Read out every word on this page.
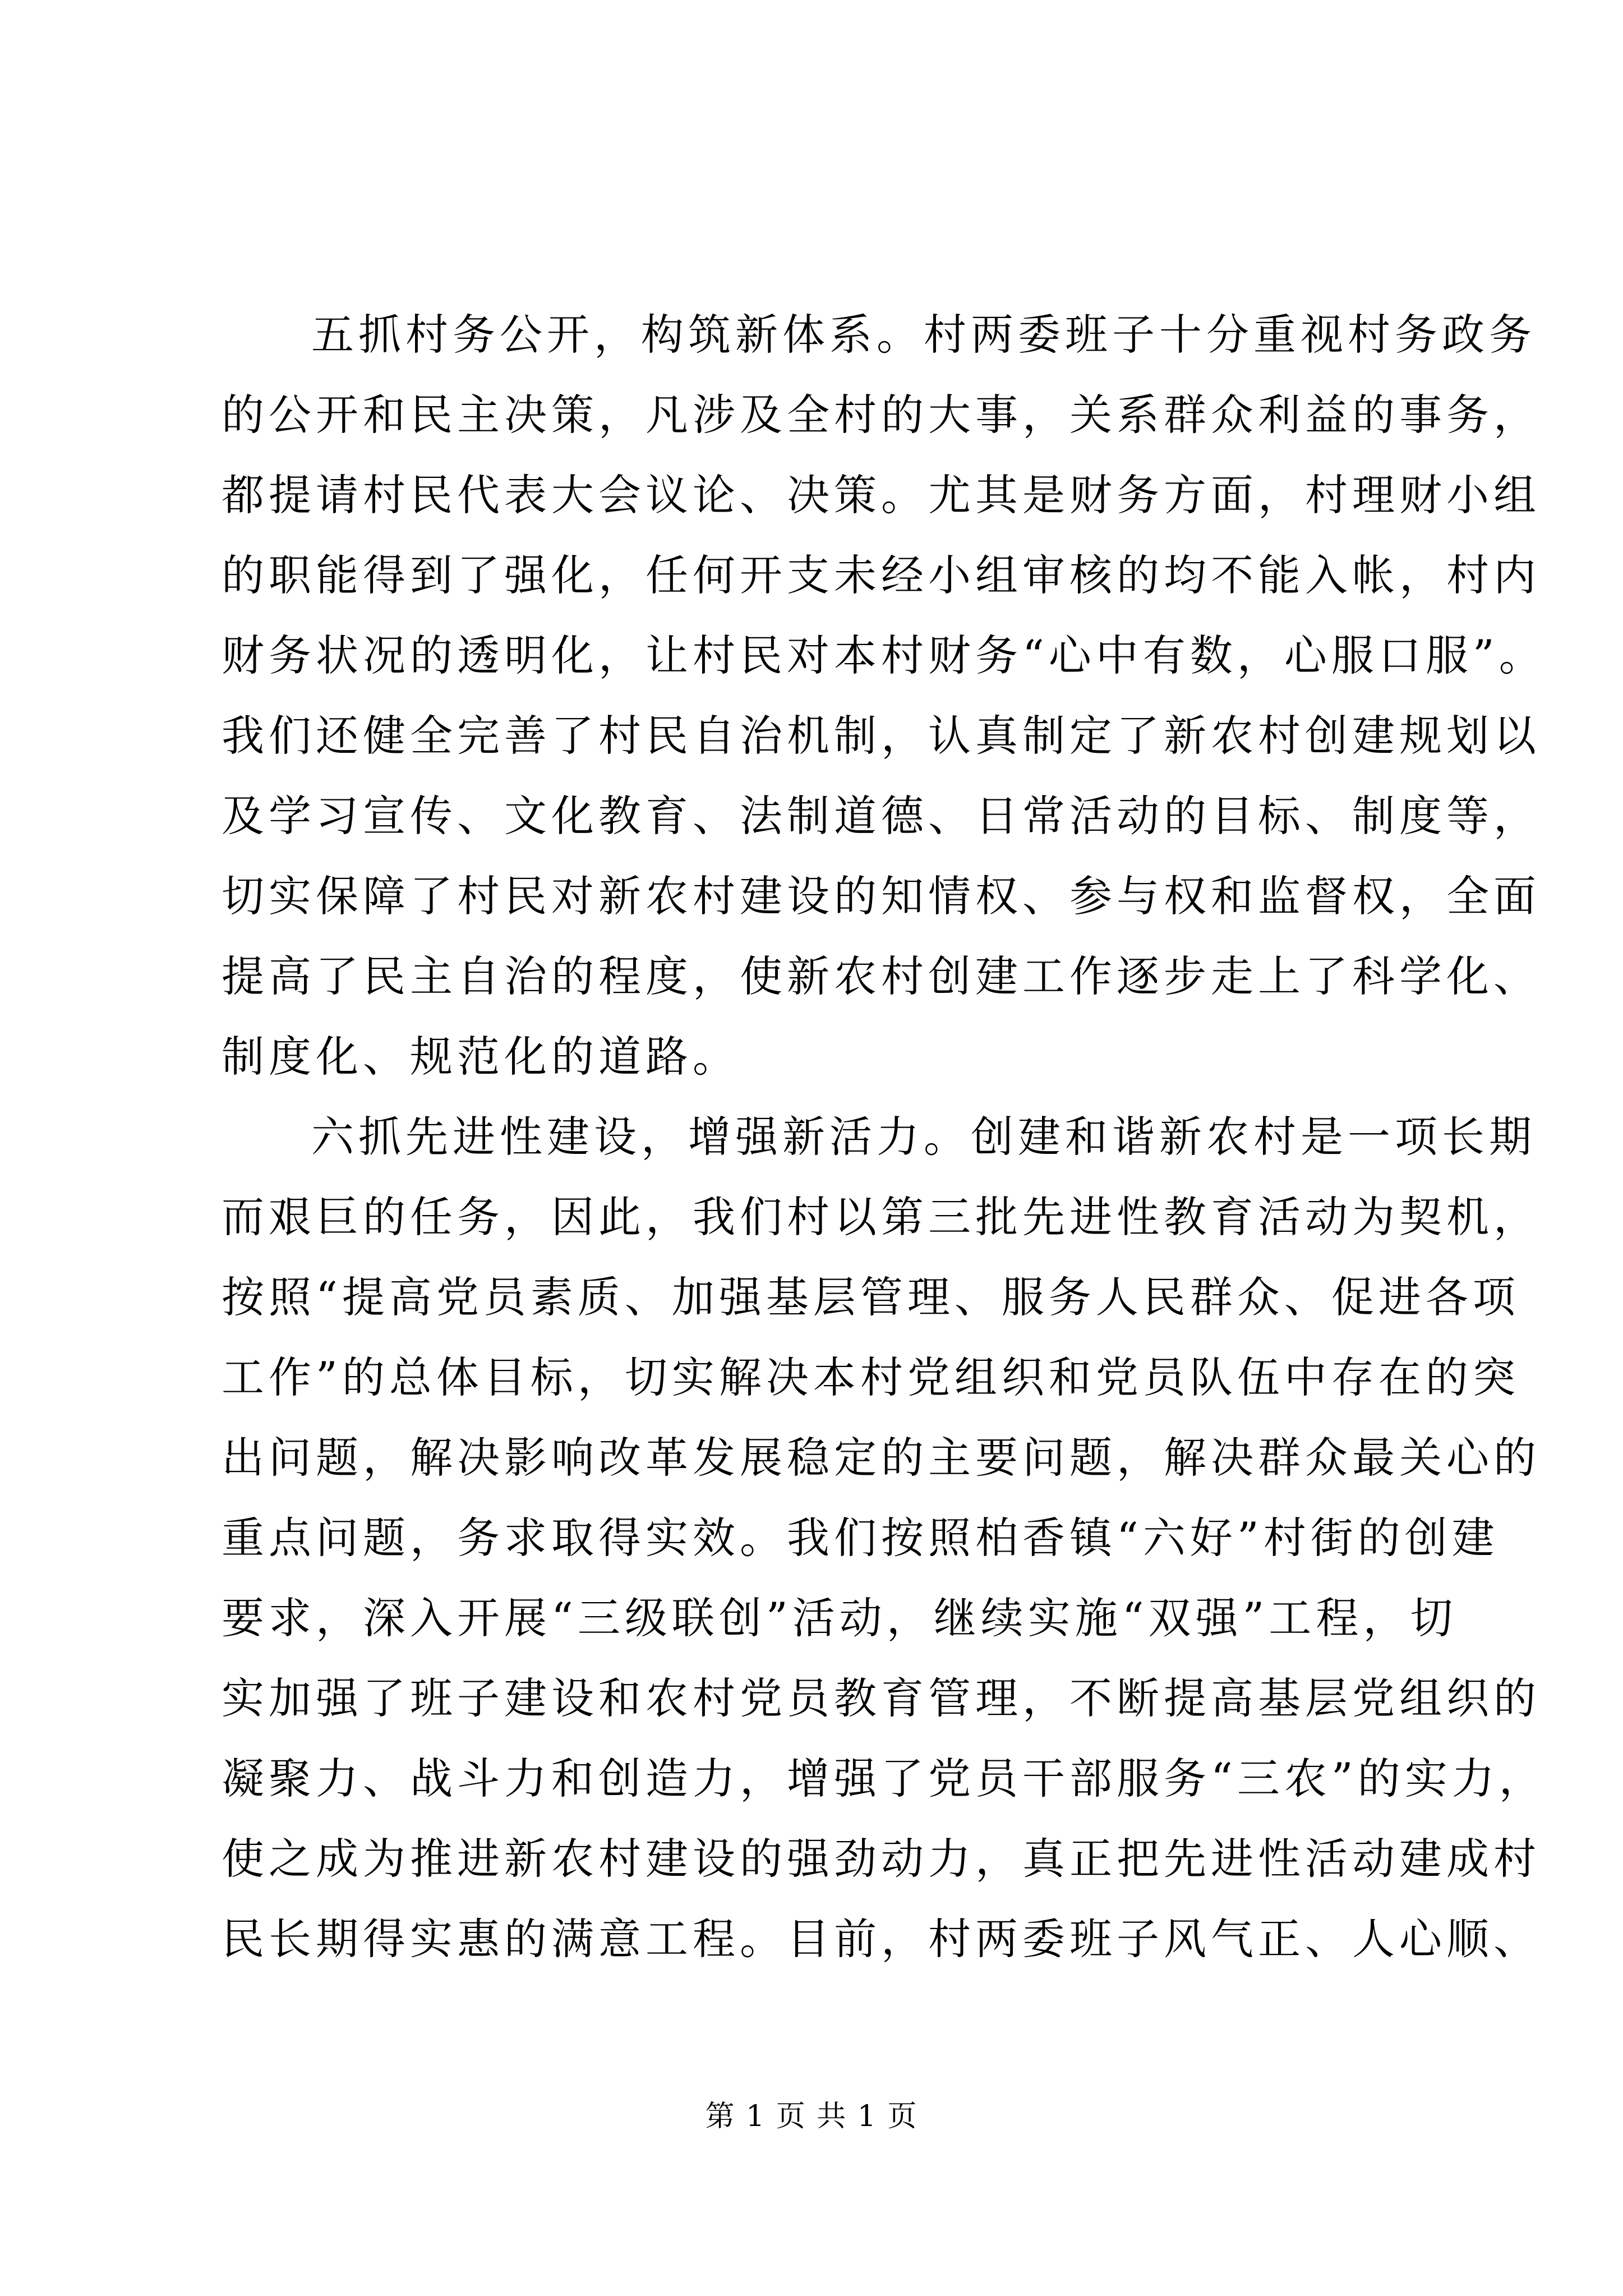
五抓村务公开，构筑新体系。村两委班子十分重视村务政务
的公开和民主决策，凡涉及全村的大事，关系群众利益的事务，
都提请村民代表大会议论、决策。尤其是财务方面，村理财小组
的职能得到了强化，任何开支未经小组审核的均不能入帐，村内
财务状况的透明化，让村民对本村财务“心中有数，心服口服”。
我们还健全完善了村民自治机制，认真制定了新农村创建规划以
及学习宣传、文化教育、法制道德、日常活动的目标、制度等，
切实保障了村民对新农村建设的知情权、参与权和监督权，全面
提高了民主自治的程度，使新农村创建工作逐步走上了科学化、
制度化、规范化的道路。
六抓先进性建设，增强新活力。创建和谐新农村是一项长期
而艰巨的任务，因此，我们村以第三批先进性教育活动为契机，
按照“提高党员素质、加强基层管理、服务人民群众、促进各项
工作”的总体目标，切实解决本村党组织和党员队伍中存在的突
出问题，解决影响改革发展稳定的主要问题，解决群众最关心的
重点问题，务求取得实效。我们按照柏香镇“六好”村街的创建
要求，深入开展“三级联创”活动，继续实施“双强”工程，切
实加强了班子建设和农村党员教育管理，不断提高基层党组织的
凝聚力、战斗力和创造力，增强了党员干部服务“三农”的实力，
使之成为推进新农村建设的强劲动力，真正把先进性活动建成村
民长期得实惠的满意工程。目前，村两委班子风气正、人心顺、
第 1 页 共 1 页
